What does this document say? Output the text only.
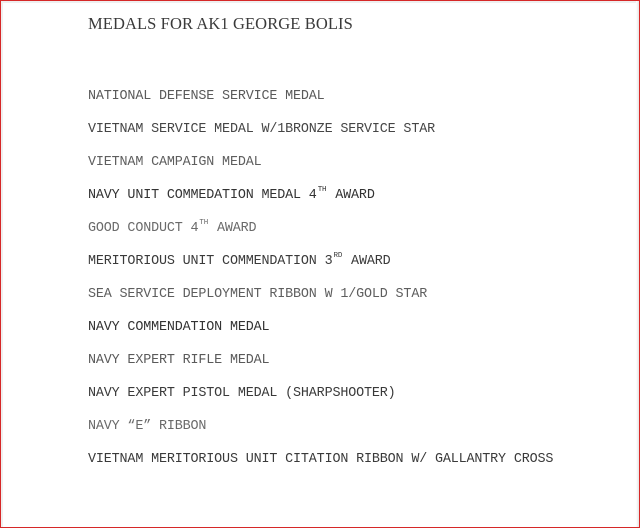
MEDALS FOR AK1 GEORGE BOLIS
NATIONAL DEFENSE SERVICE MEDAL
VIETNAM SERVICE MEDAL W/1BRONZE SERVICE STAR
VIETNAM CAMPAIGN MEDAL
NAVY UNIT COMMEDATION MEDAL 4TH AWARD
GOOD CONDUCT 4TH AWARD
MERITORIOUS UNIT COMMENDATION 3RD AWARD
SEA SERVICE DEPLOYMENT RIBBON W 1/GOLD STAR
NAVY COMMENDATION MEDAL
NAVY EXPERT RIFLE MEDAL
NAVY EXPERT PISTOL MEDAL (SHARPSHOOTER)
NAVY “E” RIBBON
VIETNAM MERITORIOUS UNIT CITATION RIBBON W/ GALLANTRY CROSS
